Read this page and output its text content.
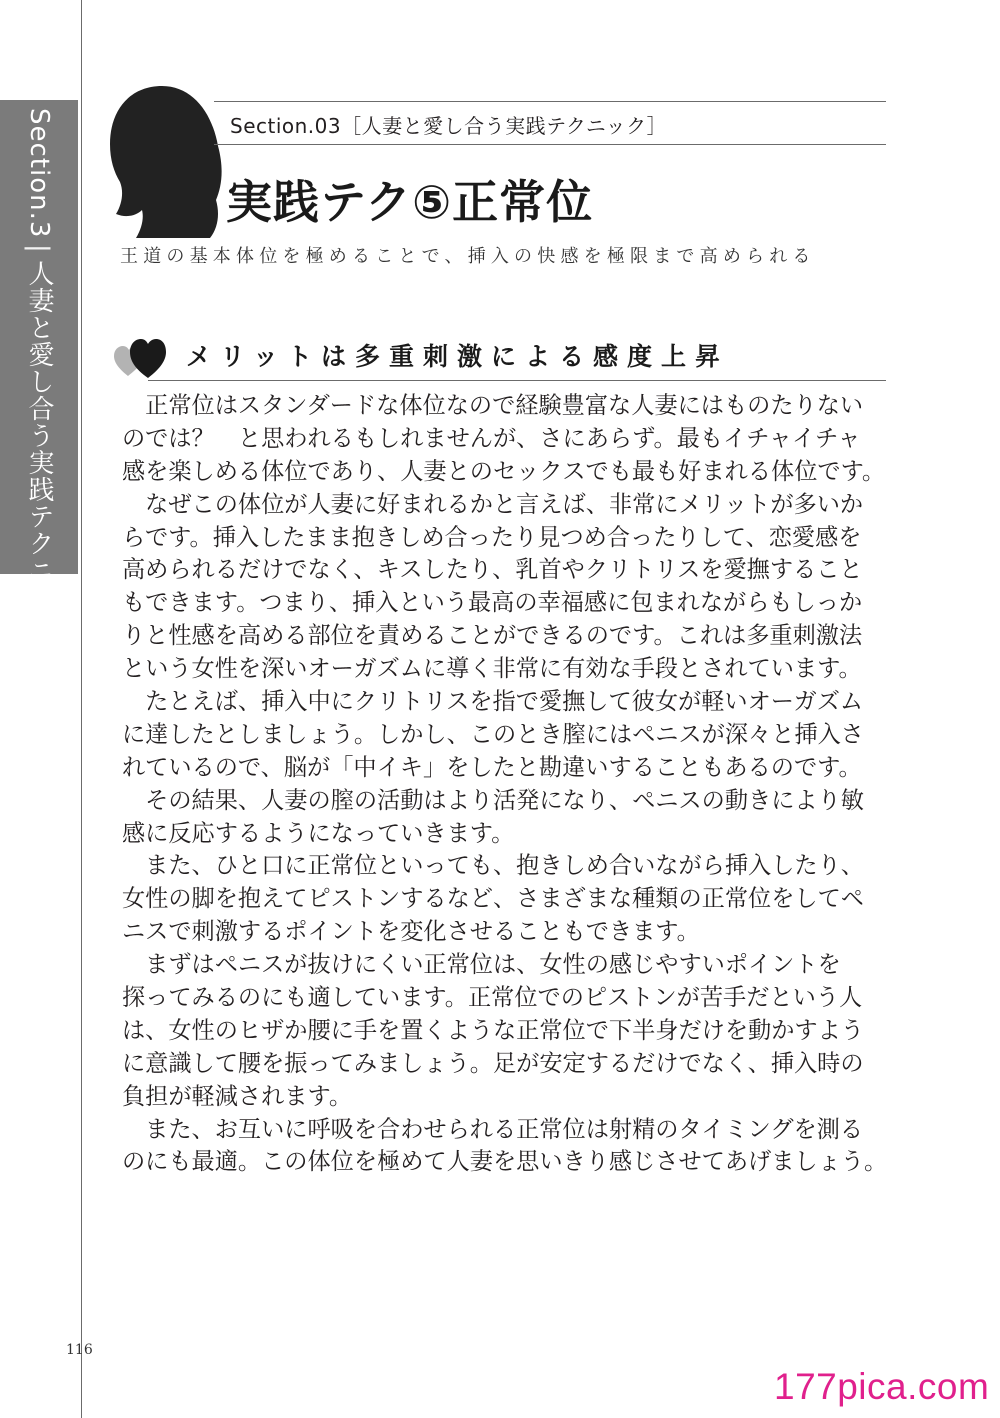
Section.3|人妻と愛し合う実践テクニック
Section.03［人妻と愛し合う実践テクニック］
実践テク⑤正常位
王道の基本体位を極めることで、挿入の快感を極限まで高められる
メリットは多重刺激による感度上昇
　正常位はスタンダードな体位なので経験豊富な人妻にはものたりない
のでは？　と思われるもしれませんが、さにあらず。最もイチャイチャ
感を楽しめる体位であり、人妻とのセックスでも最も好まれる体位です。
　なぜこの体位が人妻に好まれるかと言えば、非常にメリットが多いか
らです。挿入したまま抱きしめ合ったり見つめ合ったりして、恋愛感を
高められるだけでなく、キスしたり、乳首やクリトリスを愛撫すること
もできます。つまり、挿入という最高の幸福感に包まれながらもしっか
りと性感を高める部位を責めることができるのです。これは多重刺激法
という女性を深いオーガズムに導く非常に有効な手段とされています。
　たとえば、挿入中にクリトリスを指で愛撫して彼女が軽いオーガズム
に達したとしましょう。しかし、このとき膣にはペニスが深々と挿入さ
れているので、脳が「中イキ」をしたと勘違いすることもあるのです。
　その結果、人妻の膣の活動はより活発になり、ペニスの動きにより敏
感に反応するようになっていきます。
　また、ひと口に正常位といっても、抱きしめ合いながら挿入したり、
女性の脚を抱えてピストンするなど、さまざまな種類の正常位をしてペ
ニスで刺激するポイントを変化させることもできます。
　まずはペニスが抜けにくい正常位は、女性の感じやすいポイントを
探ってみるのにも適しています。正常位でのピストンが苦手だという人
は、女性のヒザか腰に手を置くような正常位で下半身だけを動かすよう
に意識して腰を振ってみましょう。足が安定するだけでなく、挿入時の
負担が軽減されます。
　また、お互いに呼吸を合わせられる正常位は射精のタイミングを測る
のにも最適。この体位を極めて人妻を思いきり感じさせてあげましょう。
116
177pica.com
